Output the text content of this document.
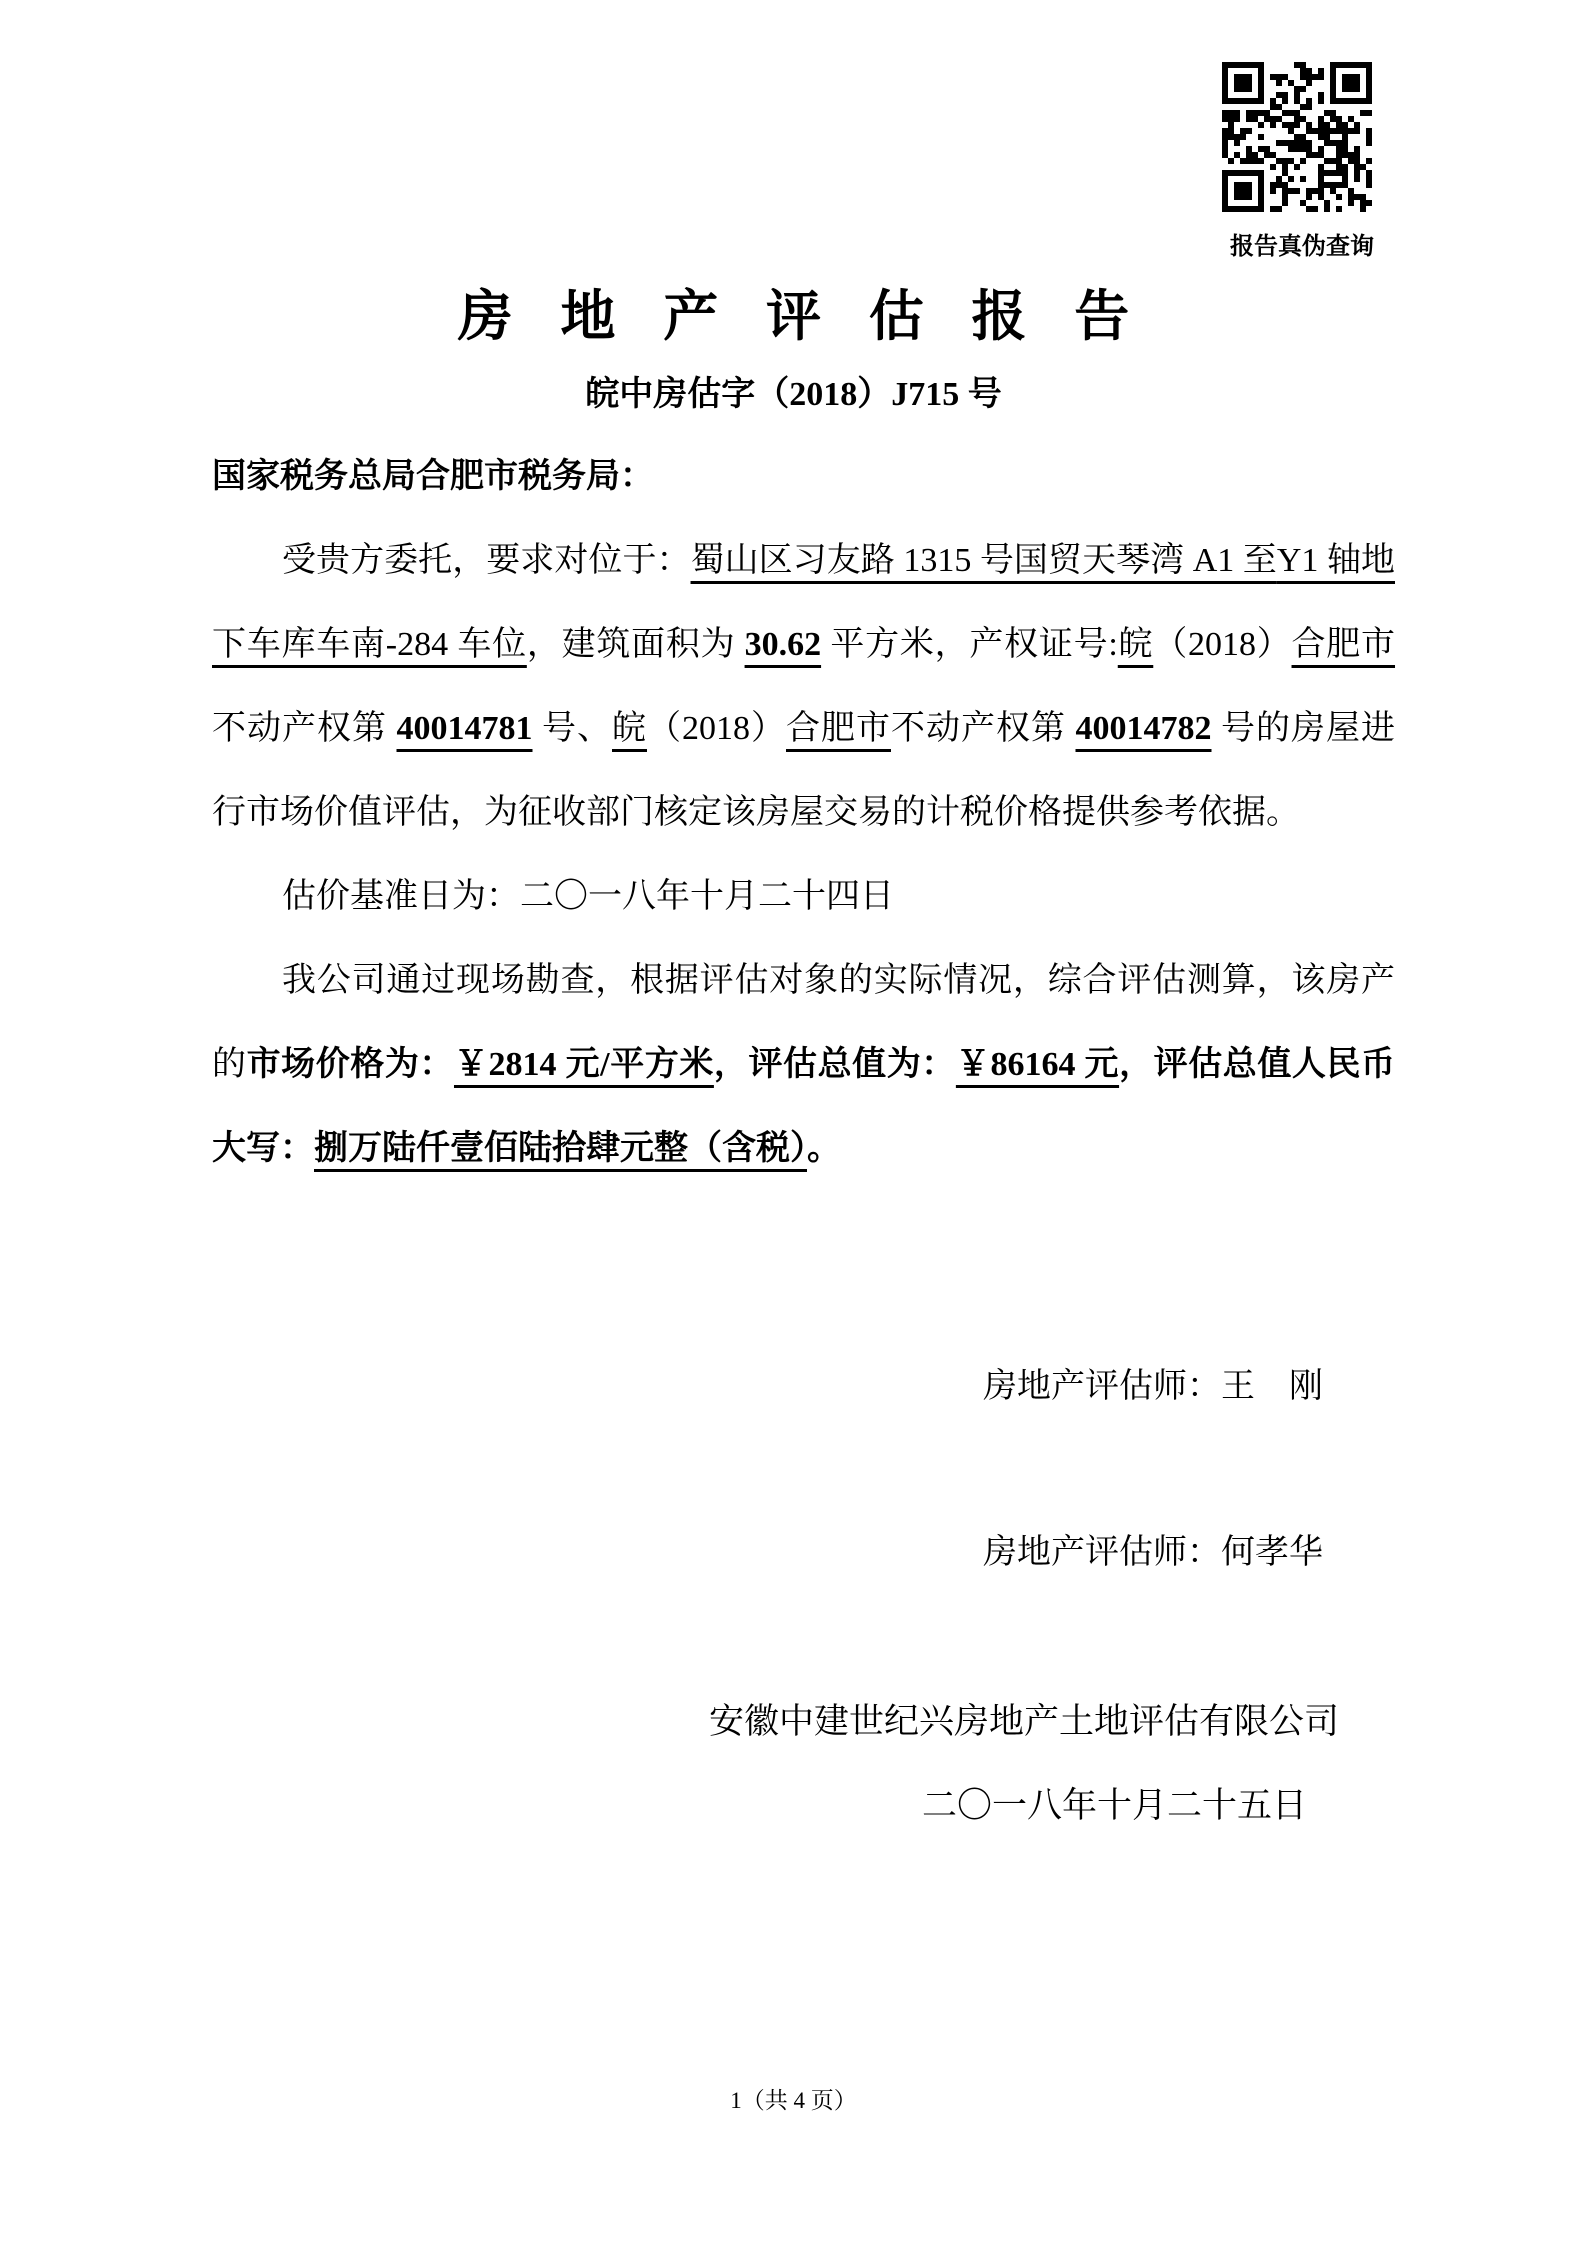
报告真伪查询
房 地 产 评 估 报 告
皖中房估字（2018）J715 号

国家税务总局合肥市税务局：

受贵方委托，要求对位于：蜀山区习友路 1315 号国贸天琴湾 A1 至Y1 轴地下车库车南-284 车位，建筑面积为 30.62 平方米，产权证号:皖（2018）合肥市不动产权第 40014781 号、皖（2018）合肥市不动产权第 40014782 号的房屋进行市场价值评估，为征收部门核定该房屋交易的计税价格提供参考依据。

估价基准日为：二〇一八年十月二十四日

我公司通过现场勘查，根据评估对象的实际情况，综合评估测算，该房产的市场价格为：￥2814 元/平方米，评估总值为：￥86164 元，评估总值人民币大写：捌万陆仟壹佰陆拾肆元整（含税）。

房地产评估师：王　刚
房地产评估师：何孝华
安徽中建世纪兴房地产土地评估有限公司
二〇一八年十月二十五日
1（共 4 页）
